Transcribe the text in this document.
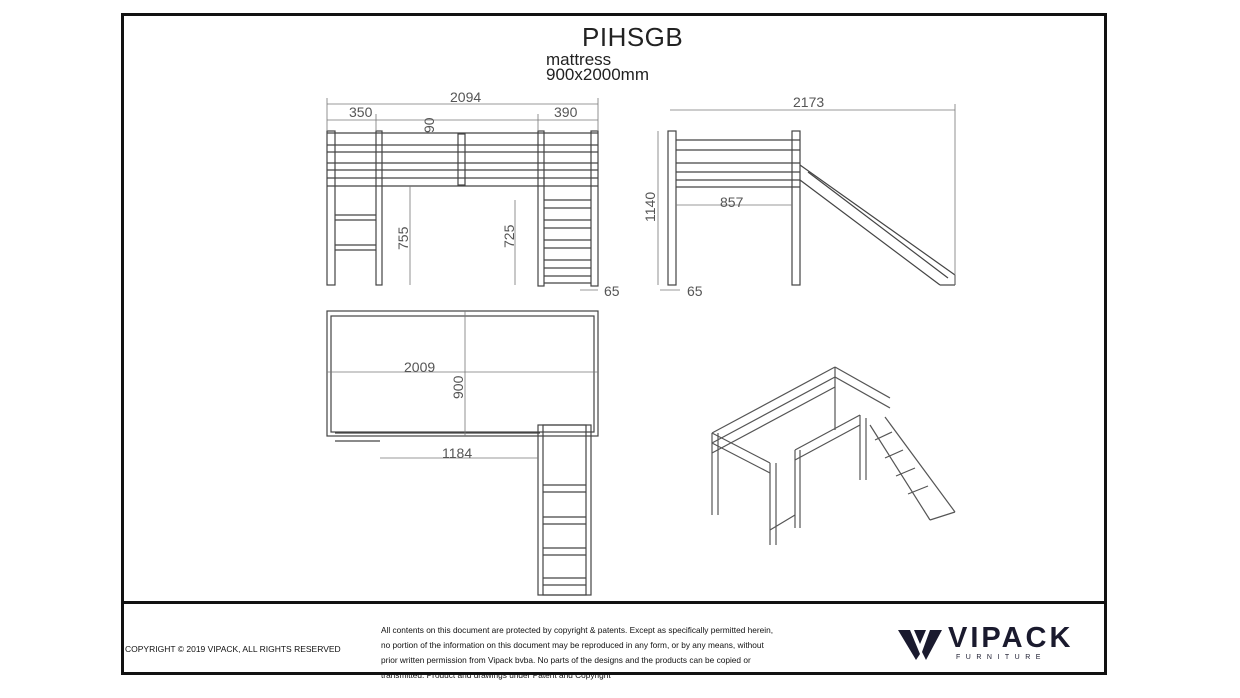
PIHSGB
mattress
900x2000mm
2094
350	390
90
755	725
65
2173
1140	857
65
2009
900
1184
COPYRIGHT © 2019 VIPACK, ALL RIGHTS RESERVED
All contents on this document are protected by copyright & patents. Except as specifically permitted herein,
no portion of the information on this document may be reproduced in any form, or by any means, without
prior written permission from Vipack bvba. No parts of the designs and the products can be copied or
transmitted. Product and drawings under Patent and Copyright
VIPACK
FURNITURE
